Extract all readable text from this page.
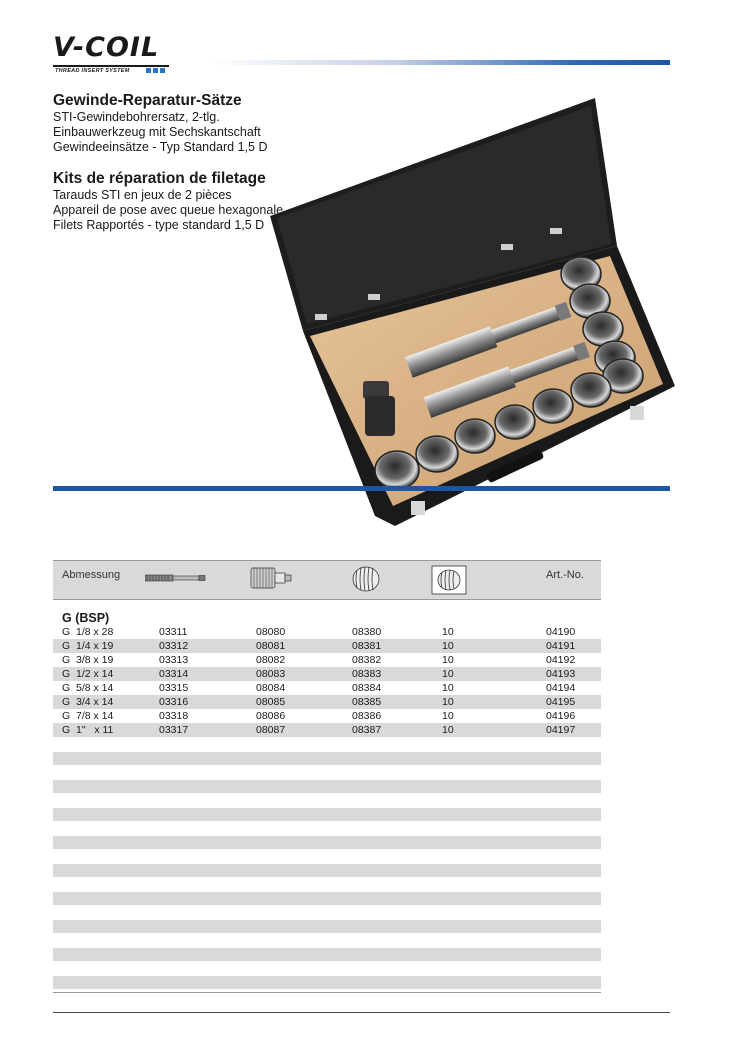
V-COIL
THREAD INSERT SYSTEM

Gewinde-Reparatur-Sätze

STI-Gewindebohrersatz, 2-tlg.

Einbauwerkzeug mit Sechskantschaft

Gewindeeinsätze - Typ Standard 1,5 D

Kits de réparation de filetage

Tarauds STI en jeux de 2 pièces

Appareil de pose avec queue hexagonale

Filets Rapportés - type standard 1,5 D

Abmessung	Art.-No.
G (BSP)
G  1/8 x 28	03311	08080	08380	10	04190
G  1/4 x 19	03312	08081	08381	10	04191
G  3/8 x 19	03313	08082	08382	10	04192
G  1/2 x 14	03314	08083	08383	10	04193
G  5/8 x 14	03315	08084	08384	10	04194
G  3/4 x 14	03316	08085	08385	10	04195
G  7/8 x 14	03318	08086	08386	10	04196
G  1"   x 11	03317	08087	08387	10	04197
